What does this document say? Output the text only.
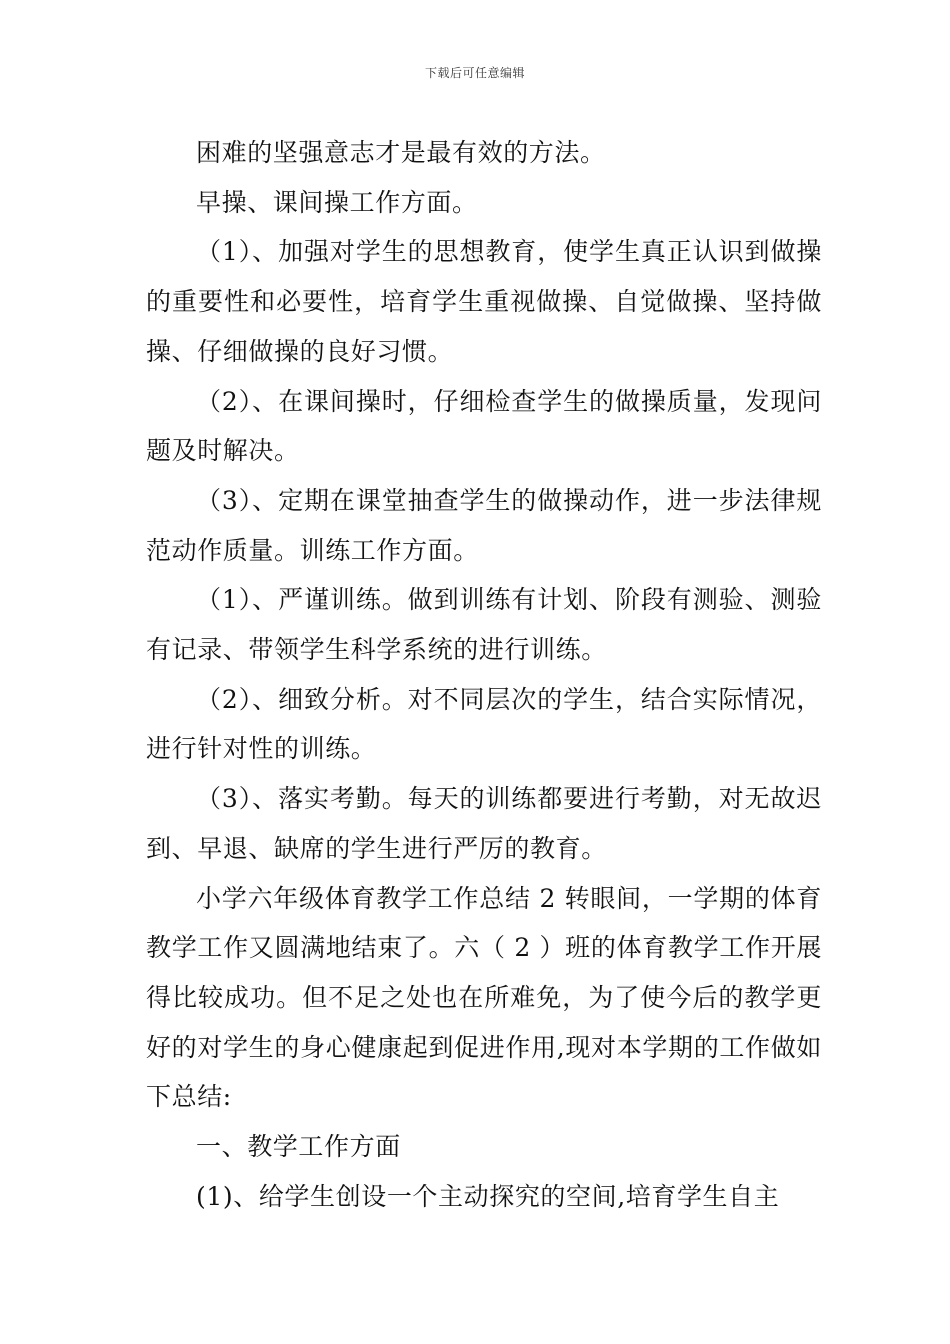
下载后可任意编辑

困难的坚强意志才是最有效的方法。

早操、课间操工作方面。

（1）、加强对学生的思想教育，使学生真正认识到做操的重要性和必要性，培育学生重视做操、自觉做操、坚持做操、仔细做操的良好习惯。

（2）、在课间操时，仔细检查学生的做操质量，发现问题及时解决。

（3）、定期在课堂抽查学生的做操动作，进一步法律规范动作质量。训练工作方面。

（1）、严谨训练。做到训练有计划、阶段有测验、测验有记录、带领学生科学系统的进行训练。

（2）、细致分析。对不同层次的学生，结合实际情况，进行针对性的训练。

（3）、落实考勤。每天的训练都要进行考勤，对无故迟到、早退、缺席的学生进行严厉的教育。

小学六年级体育教学工作总结 2 转眼间，一学期的体育教学工作又圆满地结束了。六（ 2 ）班的体育教学工作开展得比较成功。但不足之处也在所难免，为了使今后的教学更好的对学生的身心健康起到促进作用,现对本学期的工作做如下总结:

一、教学工作方面

(1)、给学生创设一个主动探究的空间,培育学生自主
